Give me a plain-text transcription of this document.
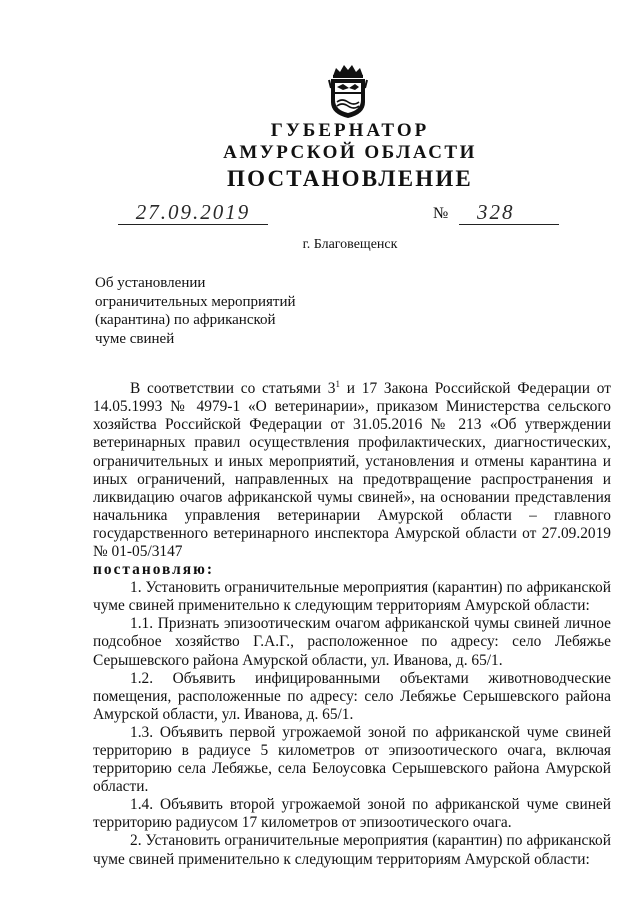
ГУБЕРНАТОР
АМУРСКОЙ ОБЛАСТИ
ПОСТАНОВЛЕНИЕ
27.09.2019	№	328
г. Благовещенск
Об установлении
ограничительных мероприятий
(карантина) по африканской
чуме свиней

В соответствии со статьями $3^1$ и 17 Закона Российской Федерации от 14.05.1993 № 4979-1 «О ветеринарии», приказом Министерства сельского хозяйства Российской Федерации от 31.05.2016 № 213 «Об утверждении ветеринарных правил осуществления профилактических, диагностических, ограничительных и иных мероприятий, установления и отмены карантина и иных ограничений, направленных на предотвращение распространения и ликвидацию очагов африканской чумы свиней», на основании представления начальника управления ветеринарии Амурской области – главного государственного ветеринарного инспектора Амурской области от 27.09.2019 № 01-05/3147

постановляю:

1. Установить ограничительные мероприятия (карантин) по африканской чуме свиней применительно к следующим территориям Амурской области:

1.1. Признать эпизоотическим очагом африканской чумы свиней личное подсобное хозяйство Г.А.Г., расположенное по адресу: село Лебяжье Серышевского района Амурской области, ул. Иванова, д. 65/1.

1.2. Объявить инфицированными объектами животноводческие помещения, расположенные по адресу: село Лебяжье Серышевского района Амурской области, ул. Иванова, д. 65/1.

1.3. Объявить первой угрожаемой зоной по африканской чуме свиней территорию в радиусе 5 километров от эпизоотического очага, включая территорию села Лебяжье, села Белоусовка Серышевского района Амурской области.

1.4. Объявить второй угрожаемой зоной по африканской чуме свиней территорию радиусом 17 километров от эпизоотического очага.

2. Установить ограничительные мероприятия (карантин) по африканской чуме свиней применительно к следующим территориям Амурской области:
